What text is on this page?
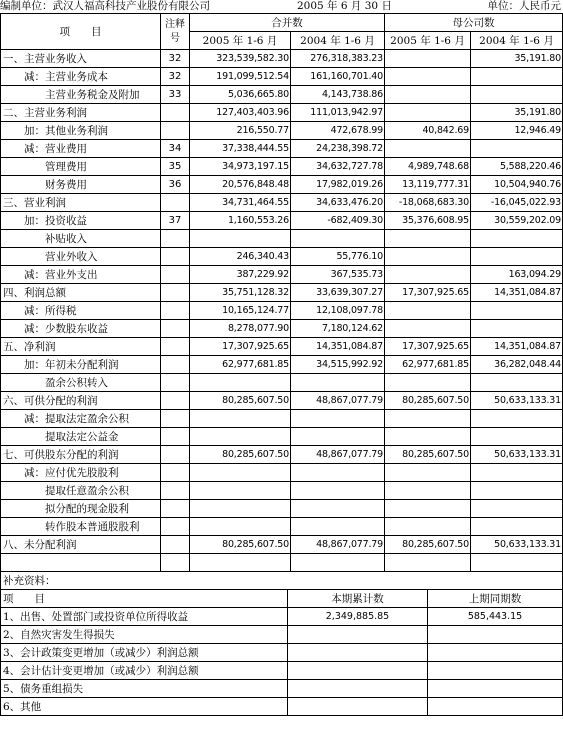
编制单位：武汉人福高科技产业股份有限公司	2005 年 6 月 30 日	单位：人民币元
项　　目	注释号	合并数		母公司数	
		2005 年 1-6 月	2004 年 1-6 月	2005 年 1-6 月	2004 年 1-6 月
一、主营业务收入	32	323,539,582.30	276,318,383.23		35,191.80
　　减：主营业务成本	32	191,099,512.54	161,160,701.40		
　　　　主营业务税金及附加	33	5,036,665.80	4,143,738.86		
二、主营业务利润		127,403,403.96	111,013,942.97		35,191.80
　　加：其他业务利润		216,550.77	472,678.99	40,842.69	12,946.49
　　减：营业费用	34	37,338,444.55	24,238,398.72		
　　　　管理费用	35	34,973,197.15	34,632,727.78	4,989,748.68	5,588,220.46
　　　　财务费用	36	20,576,848.48	17,982,019.26	13,119,777.31	10,504,940.76
三、营业利润		34,731,464.55	34,633,476.20	-18,068,683.30	-16,045,022.93
　　加：投资收益	37	1,160,553.26	-682,409.30	35,376,608.95	30,559,202.09
　　　　补贴收入					
　　　　营业外收入		246,340.43	55,776.10		
　　减：营业外支出		387,229.92	367,535.73		163,094.29
四、利润总额		35,751,128.32	33,639,307.27	17,307,925.65	14,351,084.87
　　减：所得税		10,165,124.77	12,108,097.78		
　　减：少数股东收益		8,278,077.90	7,180,124.62		
五、净利润		17,307,925.65	14,351,084.87	17,307,925.65	14,351,084.87
　　加：年初未分配利润		62,977,681.85	34,515,992.92	62,977,681.85	36,282,048.44
　　　　盈余公积转入					
六、可供分配的利润		80,285,607.50	48,867,077.79	80,285,607.50	50,633,133.31
　　减：提取法定盈余公积					
　　　　提取法定公益金					
七、可供股东分配的利润		80,285,607.50	48,867,077.79	80,285,607.50	50,633,133.31
　　减：应付优先股股利					
　　　　提取任意盈余公积					
　　　　拟分配的现金股利					
　　　　转作股本普通股股利					
八、未分配利润		80,285,607.50	48,867,077.79	80,285,607.50	50,633,133.31

补充资料：		
项　　目	本期累计数	上期同期数
1、出售、处置部门或投资单位所得收益	2,349,885.85	585,443.15
2、自然灾害发生得损失		
3、会计政策变更增加（或减少）利润总额		
4、会计估计变更增加（或减少）利润总额		
5、债务重组损失		
6、其他		
